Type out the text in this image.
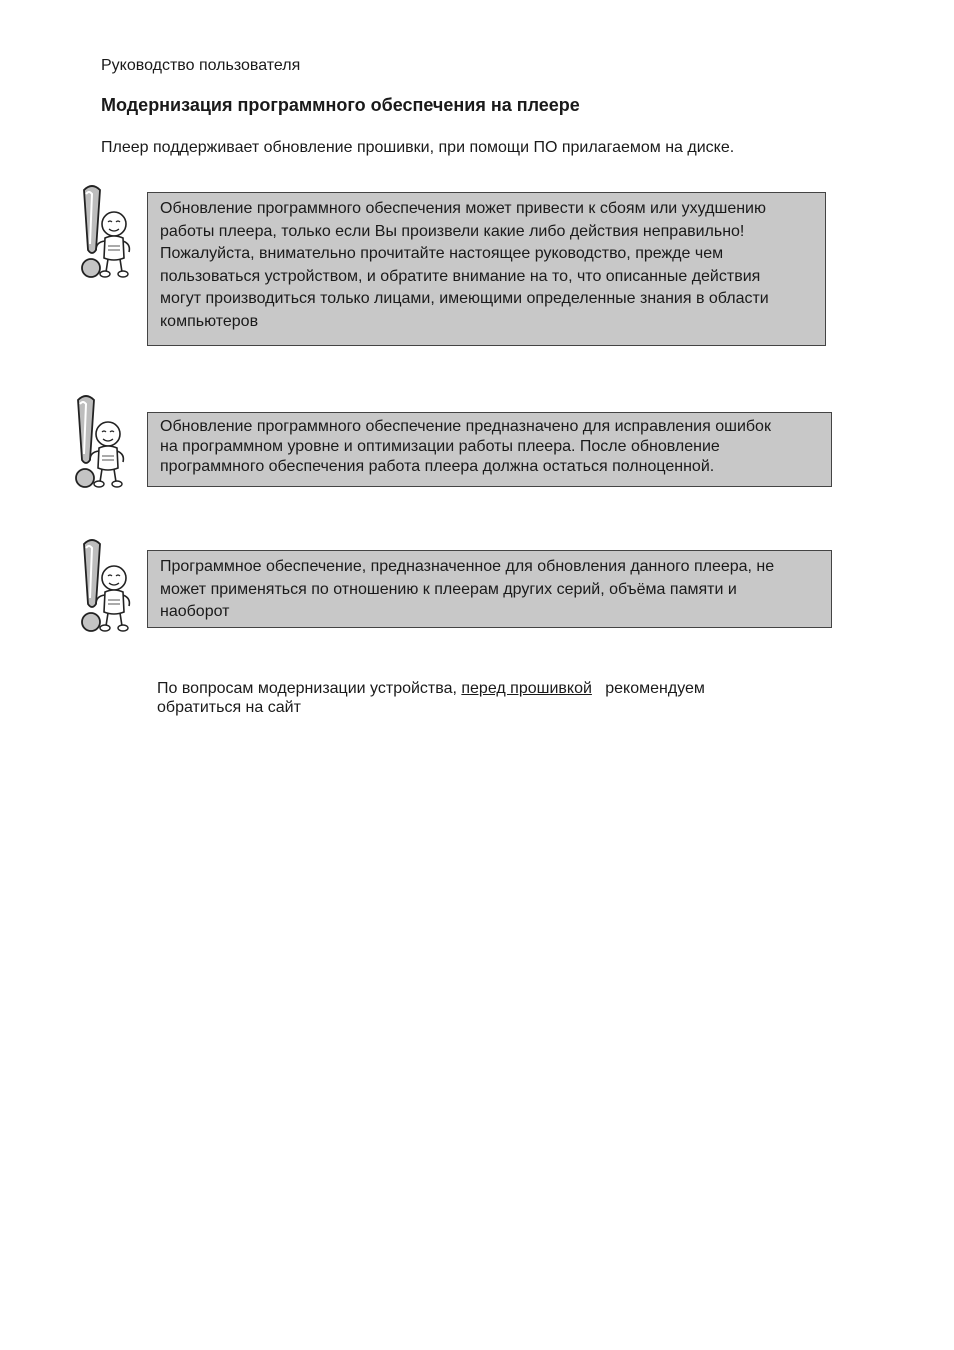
Руководство пользователя
Модернизация программного обеспечения на плеере
Плеер поддерживает обновление прошивки, при помощи ПО прилагаемом на диске.

Обновление программного обеспечения может привести к сбоям или ухудшению

работы плеера, только если Вы произвели какие либо действия неправильно!

Пожалуйста, внимательно прочитайте настоящее руководство, прежде чем

пользоваться устройством, и обратите внимание на то, что описанные действия

могут производиться только лицами, имеющими определенные знания в области

компьютеров

Обновление программного обеспечение предназначено для исправления ошибок

на программном уровне и оптимизации работы плеера. После обновление

программного обеспечения работа плеера должна остаться полноценной.

Программное обеспечение, предназначенное для обновления данного плеера, не

может применяться по отношению к плеерам других серий, объёма памяти и

наоборот

По вопросам модернизации устройства, перед прошивкой   рекомендуем
обратиться на сайт
